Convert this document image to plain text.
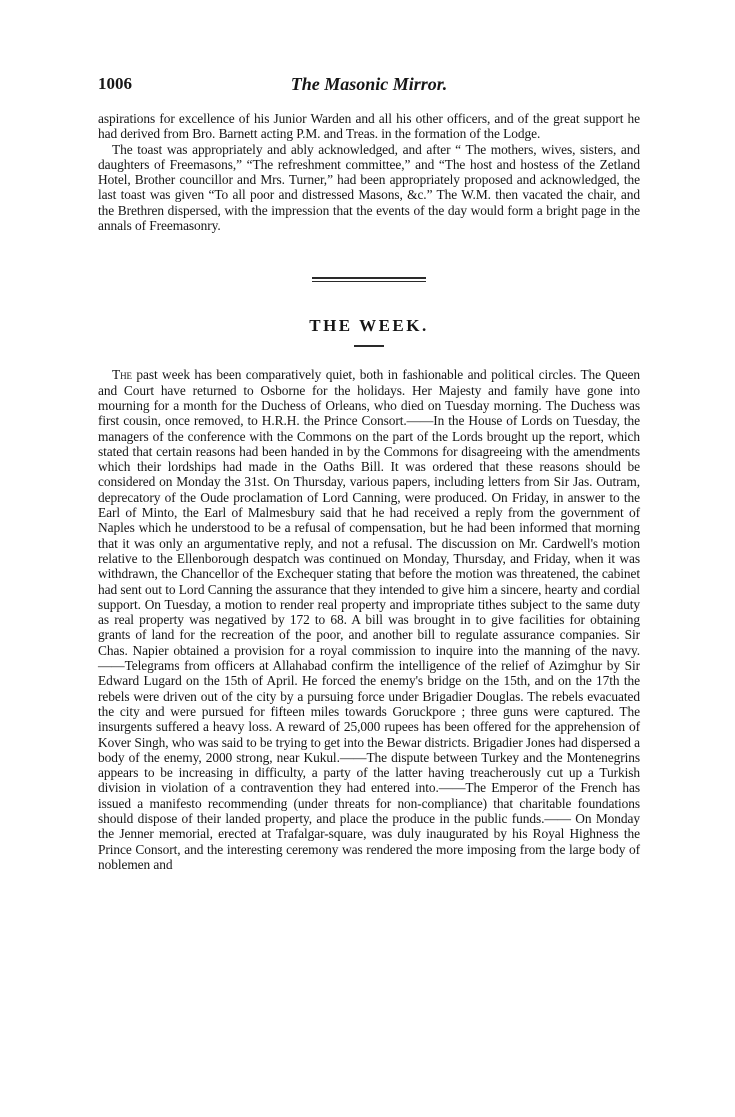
1006	The Masonic Mirror.

aspirations for excellence of his Junior Warden and all his other officers, and of the great support he had derived from Bro. Barnett acting P.M. and Treas. in the formation of the Lodge.

The toast was appropriately and ably acknowledged, and after “ The mothers, wives, sisters, and daughters of Freemasons,” “The refreshment committee,” and “The host and hostess of the Zetland Hotel, Brother councillor and Mrs. Turner,” had been appropriately proposed and acknowledged, the last toast was given “To all poor and distressed Masons, &c.” The W.M. then vacated the chair, and the Brethren dispersed, with the impression that the events of the day would form a bright page in the annals of Freemasonry.

THE WEEK.

The past week has been comparatively quiet, both in fashionable and political circles. The Queen and Court have returned to Osborne for the holidays. Her Majesty and family have gone into mourning for a month for the Duchess of Orleans, who died on Tuesday morning. The Duchess was first cousin, once removed, to H.R.H. the Prince Consort.——In the House of Lords on Tuesday, the managers of the conference with the Commons on the part of the Lords brought up the report, which stated that certain reasons had been handed in by the Commons for disagreeing with the amendments which their lordships had made in the Oaths Bill. It was ordered that these reasons should be considered on Monday the 31st. On Thursday, various papers, including letters from Sir Jas. Outram, deprecatory of the Oude proclamation of Lord Canning, were produced. On Friday, in answer to the Earl of Minto, the Earl of Malmesbury said that he had received a reply from the government of Naples which he understood to be a refusal of compensation, but he had been informed that morning that it was only an argumentative reply, and not a refusal. The discussion on Mr. Cardwell's motion relative to the Ellenborough despatch was continued on Monday, Thursday, and Friday, when it was withdrawn, the Chancellor of the Exchequer stating that before the motion was threatened, the cabinet had sent out to Lord Canning the assurance that they intended to give him a sincere, hearty and cordial support. On Tuesday, a motion to render real property and impropriate tithes subject to the same duty as real property was negatived by 172 to 68. A bill was brought in to give facilities for obtaining grants of land for the recreation of the poor, and another bill to regulate assurance companies. Sir Chas. Napier obtained a provision for a royal commission to inquire into the manning of the navy.——Telegrams from officers at Allahabad confirm the intelligence of the relief of Azimghur by Sir Edward Lugard on the 15th of April. He forced the enemy's bridge on the 15th, and on the 17th the rebels were driven out of the city by a pursuing force under Brigadier Douglas. The rebels evacuated the city and were pursued for fifteen miles towards Goruckpore ; three guns were captured. The insurgents suffered a heavy loss. A reward of 25,000 rupees has been offered for the apprehension of Kover Singh, who was said to be trying to get into the Bewar districts. Brigadier Jones had dispersed a body of the enemy, 2000 strong, near Kukul.——The dispute between Turkey and the Montenegrins appears to be increasing in difficulty, a party of the latter having treacherously cut up a Turkish division in violation of a contravention they had entered into.——The Emperor of the French has issued a manifesto recommending (under threats for non-compliance) that charitable foundations should dispose of their landed property, and place the produce in the public funds.—— On Monday the Jenner memorial, erected at Trafalgar-square, was duly inaugurated by his Royal Highness the Prince Consort, and the interesting ceremony was rendered the more imposing from the large body of noblemen and
